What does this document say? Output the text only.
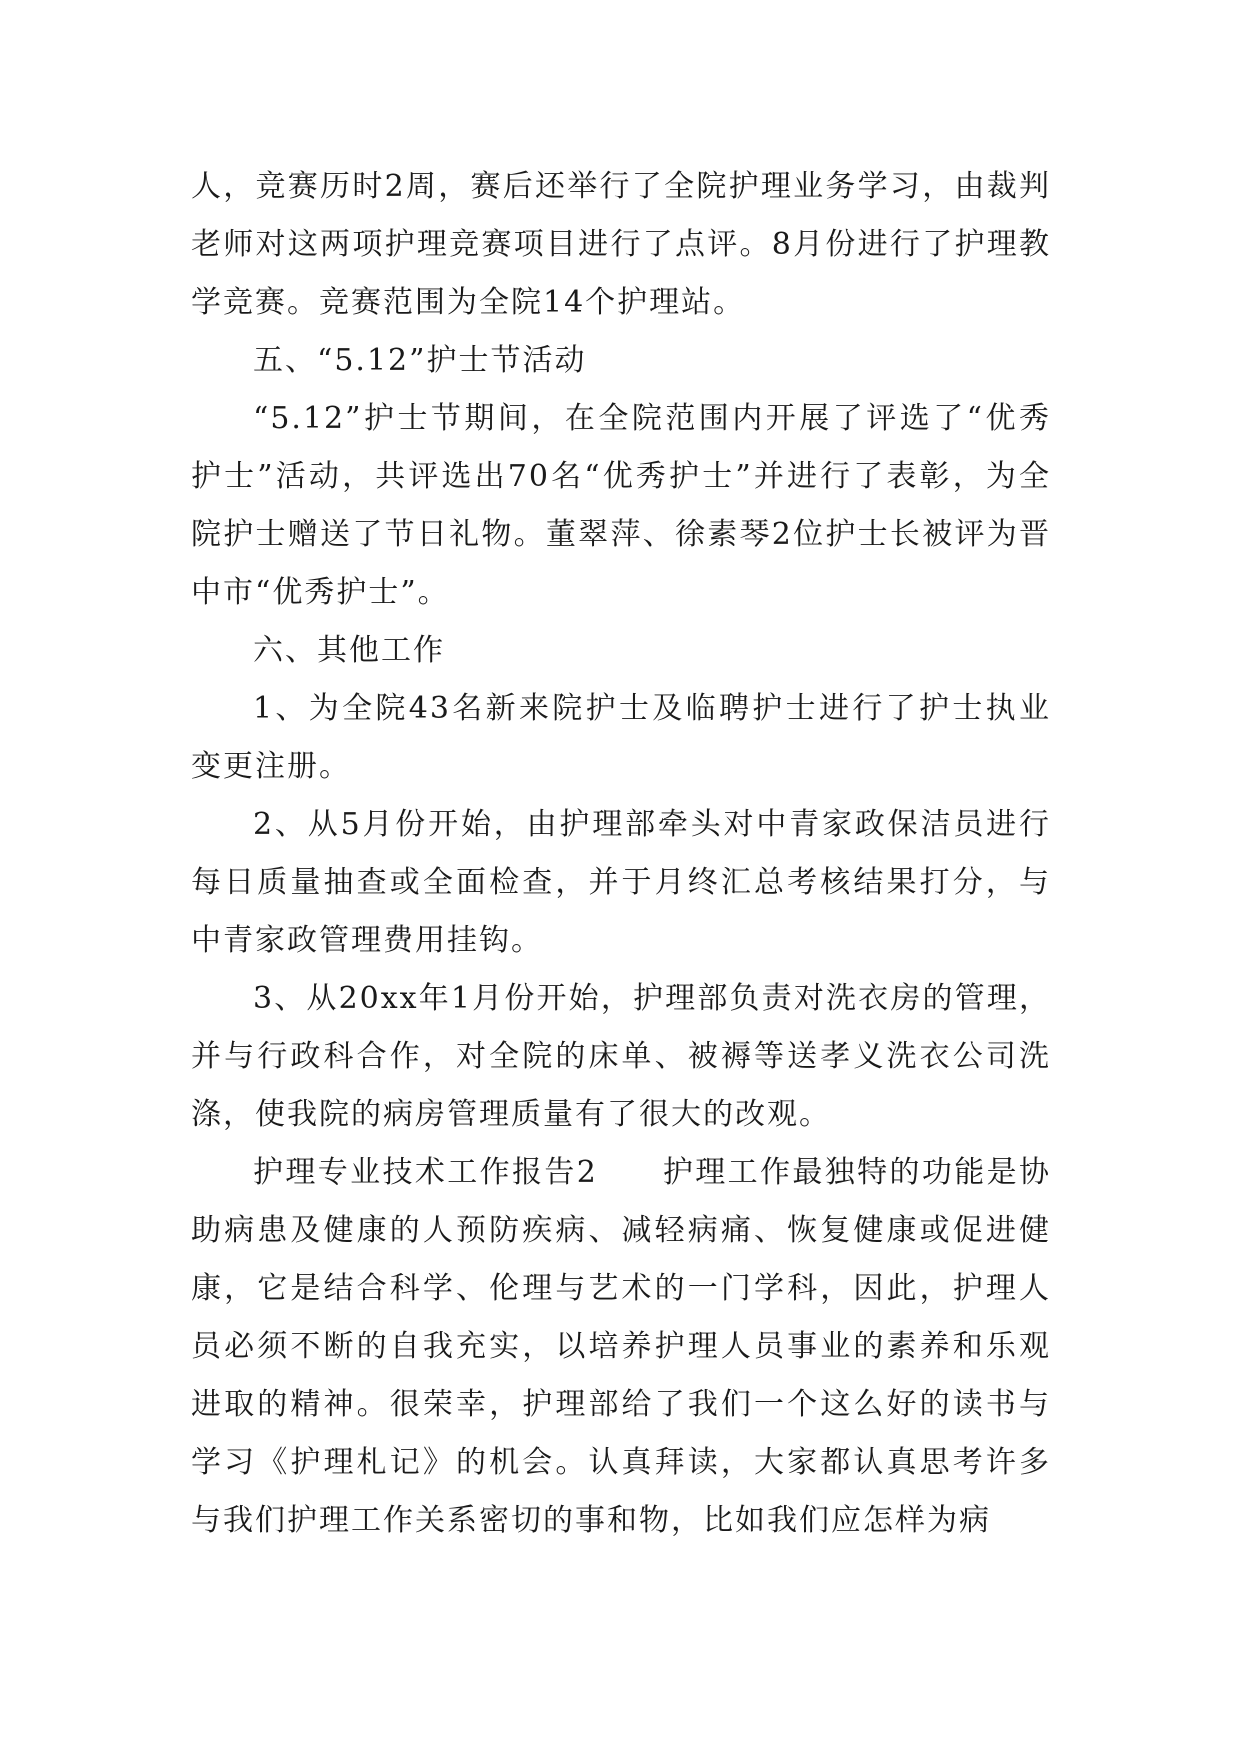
人，竞赛历时2周，赛后还举行了全院护理业务学习，由裁判老师对这两项护理竞赛项目进行了点评。8月份进行了护理教学竞赛。竞赛范围为全院14个护理站。

五、“5.12”护士节活动

“5.12”护士节期间，在全院范围内开展了评选了“优秀护士”活动，共评选出70名“优秀护士”并进行了表彰，为全院护士赠送了节日礼物。董翠萍、徐素琴2位护士长被评为晋中市“优秀护士”。

六、其他工作

1、为全院43名新来院护士及临聘护士进行了护士执业变更注册。

2、从5月份开始，由护理部牵头对中青家政保洁员进行每日质量抽查或全面检查，并于月终汇总考核结果打分，与中青家政管理费用挂钩。

3、从20xx年1月份开始，护理部负责对洗衣房的管理，并与行政科合作，对全院的床单、被褥等送孝义洗衣公司洗涤，使我院的病房管理质量有了很大的改观。

护理专业技术工作报告2　　护理工作最独特的功能是协助病患及健康的人预防疾病、减轻病痛、恢复健康或促进健康，它是结合科学、伦理与艺术的一门学科，因此，护理人员必须不断的自我充实，以培养护理人员事业的素养和乐观进取的精神。很荣幸，护理部给了我们一个这么好的读书与学习《护理札记》的机会。认真拜读，大家都认真思考许多与我们护理工作关系密切的事和物，比如我们应怎样为病
